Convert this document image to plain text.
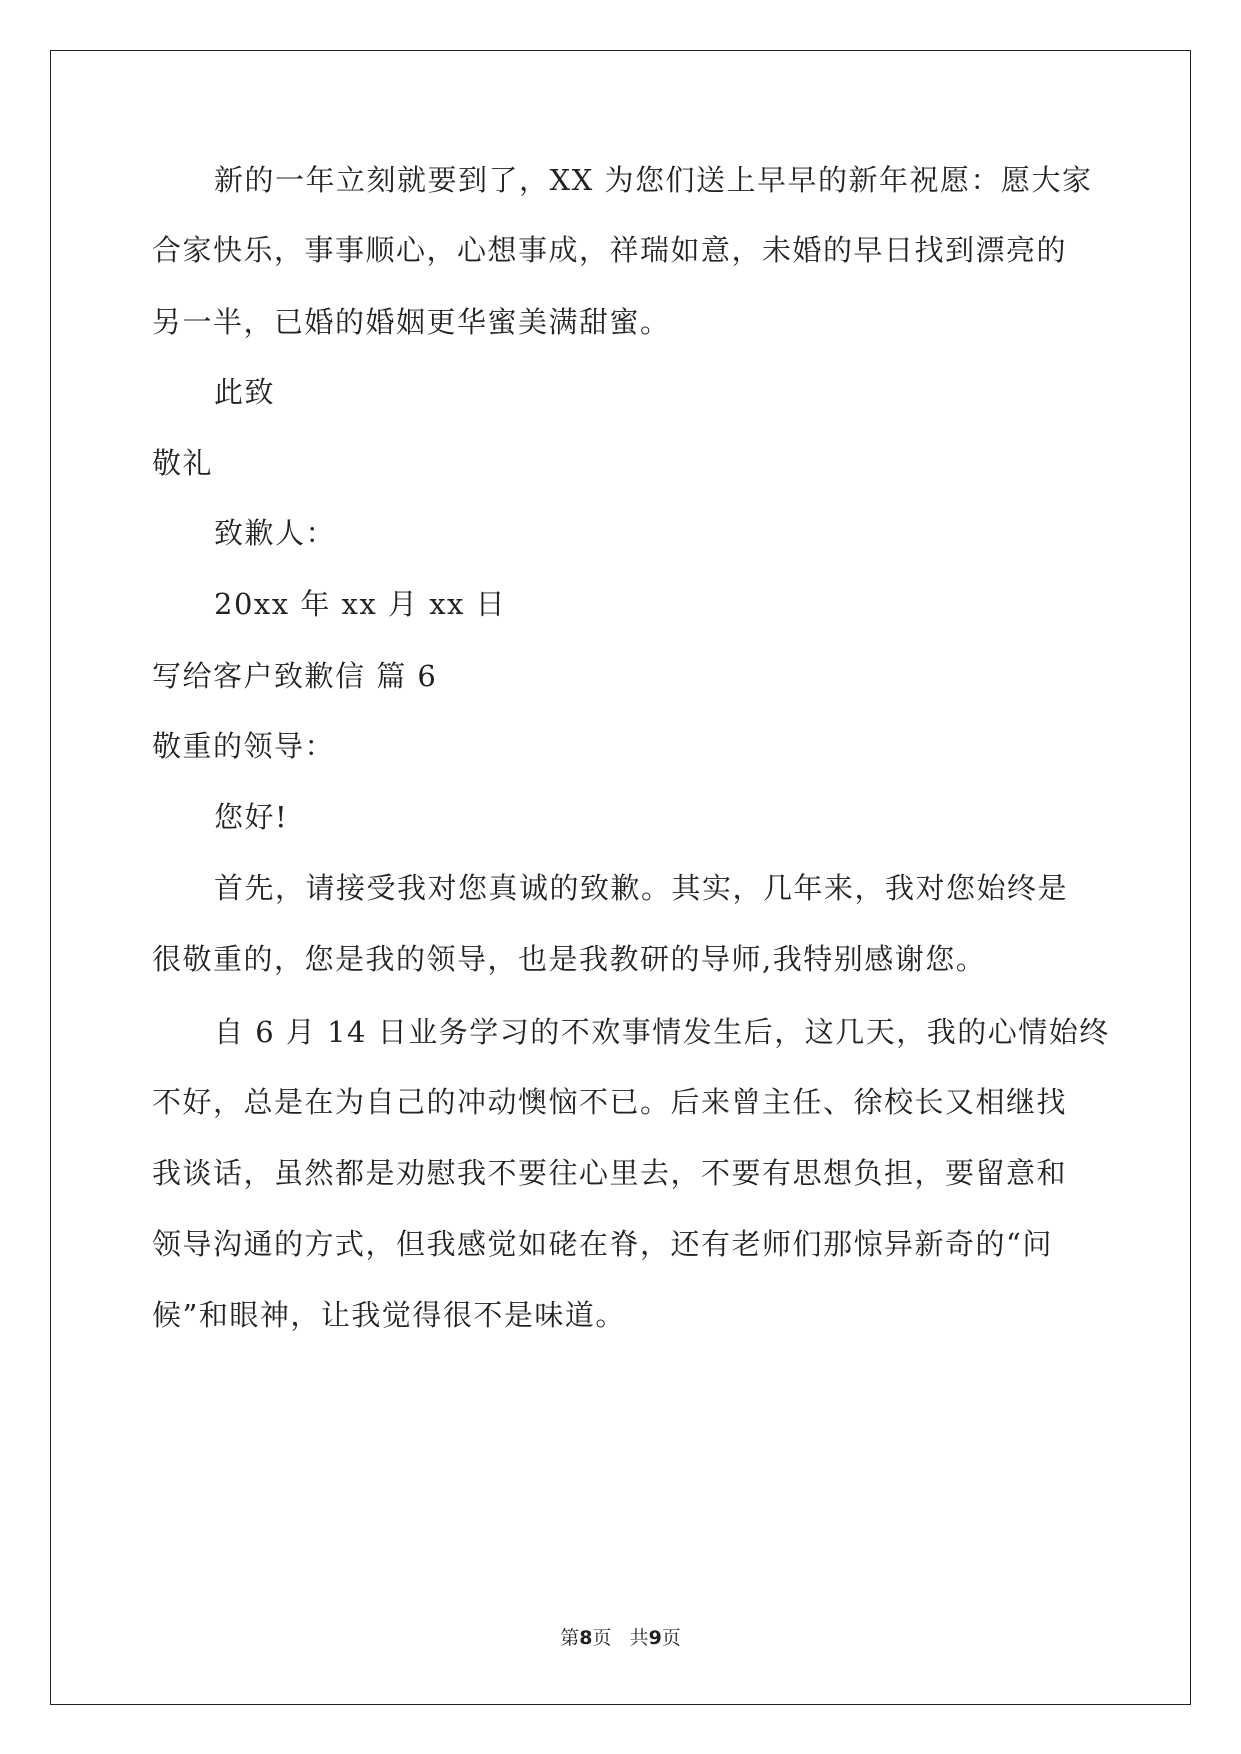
新的一年立刻就要到了，XX 为您们送上早早的新年祝愿：愿大家
合家快乐，事事顺心，心想事成，祥瑞如意，未婚的早日找到漂亮的
另一半，已婚的婚姻更华蜜美满甜蜜。
此致
敬礼
致歉人：
20xx 年 xx 月 xx 日
写给客户致歉信 篇 6
敬重的领导：
您好!
首先，请接受我对您真诚的致歉。其实，几年来，我对您始终是
很敬重的，您是我的领导，也是我教研的导师,我特别感谢您。
自 6 月 14 日业务学习的不欢事情发生后，这几天，我的心情始终
不好，总是在为自己的冲动懊恼不已。后来曾主任、徐校长又相继找
我谈话，虽然都是劝慰我不要往心里去，不要有思想负担，要留意和
领导沟通的方式，但我感觉如硓在脊，还有老师们那惊异新奇的“问
候”和眼神，让我觉得很不是味道。
第8页   共9页
